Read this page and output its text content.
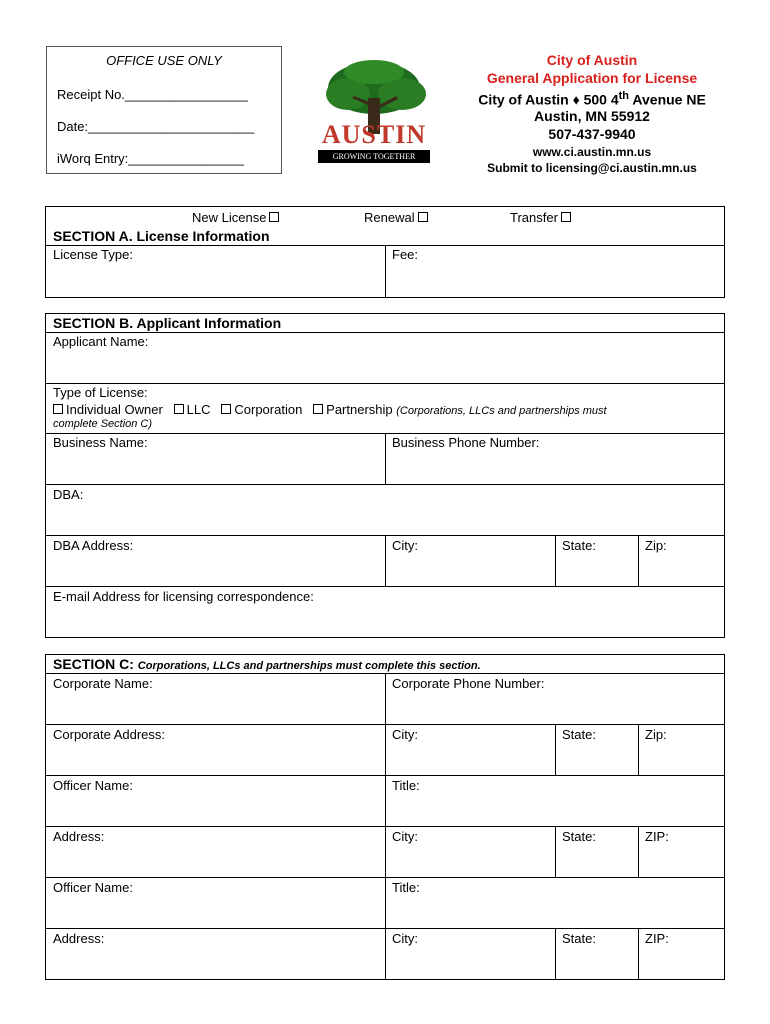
OFFICE USE ONLY
Receipt No._________________
Date:_______________________
iWorq Entry:________________
AUSTIN
GROWING TOGETHER
City of Austin
General Application for License
City of Austin ♦ 500 4th Avenue NE
Austin, MN 55912
507-437-9940
www.ci.austin.mn.us
Submit to licensing@ci.austin.mn.us
New License	Renewal	Transfer
SECTION A. License Information
License Type:	Fee:
SECTION B. Applicant Information
Applicant Name:
Type of License:
Individual Owner LLC Corporation Partnership (Corporations, LLCs and partnerships must
complete Section C)
Business Name:	Business Phone Number:
DBA:
DBA Address:	City:	State:	Zip:
E-mail Address for licensing correspondence:
SECTION C: Corporations, LLCs and partnerships must complete this section.
Corporate Name:	Corporate Phone Number:
Corporate Address:	City:	State:	Zip:
Officer Name:	Title:
Address:	City:	State:	ZIP:
Officer Name:	Title:
Address:	City:	State:	ZIP:
